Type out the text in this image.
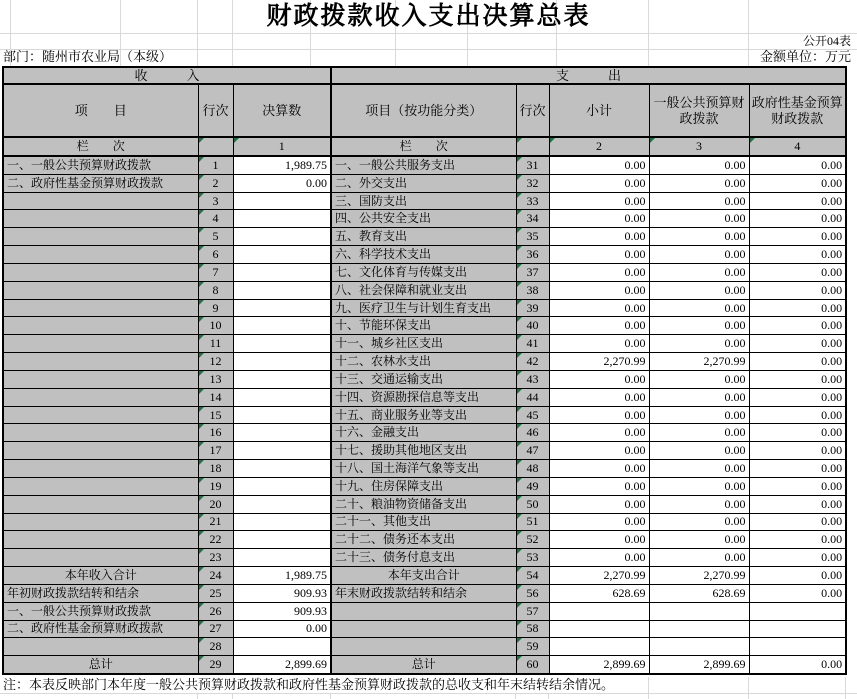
财政拨款收入支出决算总表
公开04表
部门：随州市农业局（本级）	金额单位：万元
收　　　入			支　　　出				
项　　目	行次	决算数	项目（按功能分类）	行次	小计	一般公共预算财政拨款	政府性基金预算财政拨款
栏　　次		1	栏　　次		2	3	4
一、一般公共预算财政拨款	1	1,989.75	一、一般公共服务支出	31	0.00	0.00	0.00
二、政府性基金预算财政拨款	2	0.00	二、外交支出	32	0.00	0.00	0.00
	3		三、国防支出	33	0.00	0.00	0.00
	4		四、公共安全支出	34	0.00	0.00	0.00
	5		五、教育支出	35	0.00	0.00	0.00
	6		六、科学技术支出	36	0.00	0.00	0.00
	7		七、文化体育与传媒支出	37	0.00	0.00	0.00
	8		八、社会保障和就业支出	38	0.00	0.00	0.00
	9		九、医疗卫生与计划生育支出	39	0.00	0.00	0.00
	10		十、节能环保支出	40	0.00	0.00	0.00
	11		十一、城乡社区支出	41	0.00	0.00	0.00
	12		十二、农林水支出	42	2,270.99	2,270.99	0.00
	13		十三、交通运输支出	43	0.00	0.00	0.00
	14		十四、资源勘探信息等支出	44	0.00	0.00	0.00
	15		十五、商业服务业等支出	45	0.00	0.00	0.00
	16		十六、金融支出	46	0.00	0.00	0.00
	17		十七、援助其他地区支出	47	0.00	0.00	0.00
	18		十八、国土海洋气象等支出	48	0.00	0.00	0.00
	19		十九、住房保障支出	49	0.00	0.00	0.00
	20		二十、粮油物资储备支出	50	0.00	0.00	0.00
	21		二十一、其他支出	51	0.00	0.00	0.00
	22		二十二、债务还本支出	52	0.00	0.00	0.00
	23		二十三、债务付息支出	53	0.00	0.00	0.00
本年收入合计	24	1,989.75	本年支出合计	54	2,270.99	2,270.99	0.00
年初财政拨款结转和结余	25	909.93	年末财政拨款结转和结余	56	628.69	628.69	0.00
一、一般公共预算财政拨款	26	909.93		57			
二、政府性基金预算财政拨款	27	0.00		58			
	28			59			
总计	29	2,899.69	总计	60	2,899.69	2,899.69	0.00
注：本表反映部门本年度一般公共预算财政拨款和政府性基金预算财政拨款的总收支和年末结转结余情况。
